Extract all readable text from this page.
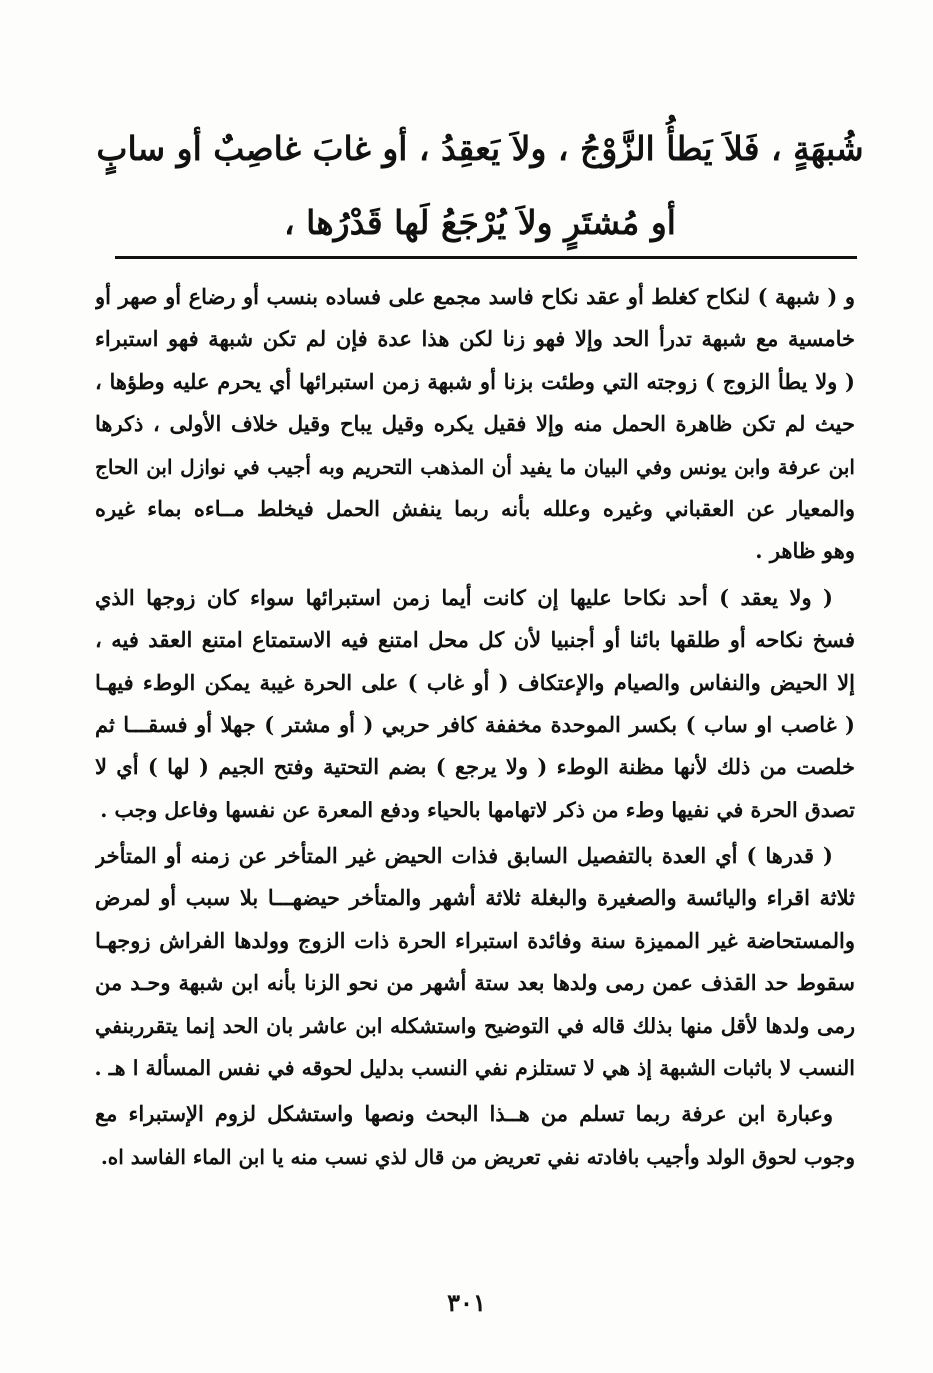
شُبهَةٍ ، فَلاَ يَطأُ الزَّوْجُ ، ولاَ يَعقِدُ ، أو غابَ غاصِبٌ أو سابٍ
أو مُشتَرٍ ولاَ يُرْجَعُ لَها قَدْرُها ،
و ( شبهة ) لنكاح كغلط أو عقد نكاح فاسد مجمع على فساده بنسب أو رضاع أو صهر أو
خامسية مع شبهة تدرأ الحد وإلا فهو زنا لكن هذا عدة فإن لم تكن شبهة فهو استبراء
( ولا يطأ الزوج ) زوجته التي وطئت بزنا أو شبهة زمن استبرائها أي يحرم عليه وطؤها ،
حيث لم تكن ظاهرة الحمل منه وإلا فقيل يكره وقيل يباح وقيل خلاف الأولى ، ذكرها
ابن عرفة وابن يونس وفي البيان ما يفيد أن المذهب التحريم وبه أجيب في نوازل ابن الحاج
والمعيار عن العقباني وغيره وعلله بأنه ربما ينفش الحمل فيخلط مــاءه بماء غيره
وهو ظاهر .
( ولا يعقد ) أحد نكاحا عليها إن كانت أيما زمن استبرائها سواء كان زوجها الذي
فسخ نكاحه أو طلقها بائنا أو أجنبيا لأن كل محل امتنع فيه الاستمتاع امتنع العقد فيه ،
إلا الحيض والنفاس والصيام والإعتكاف ( أو غاب ) على الحرة غيبة يمكن الوطء فيهـا
( غاصب او ساب ) بكسر الموحدة مخففة كافر حربي ( أو مشتر ) جهلا أو فسقـــا ثم
خلصت من ذلك لأنها مظنة الوطء ( ولا يرجع ) بضم التحتية وفتح الجيم ( لها ) أي لا
تصدق الحرة في نفيها وطء من ذكر لاتهامها بالحياء ودفع المعرة عن نفسها وفاعل وجب .
( قدرها ) أي العدة بالتفصيل السابق فذات الحيض غير المتأخر عن زمنه أو المتأخر
ثلاثة اقراء واليائسة والصغيرة والبغلة ثلاثة أشهر والمتأخر حيضهـــا بلا سبب أو لمرض
والمستحاضة غير المميزة سنة وفائدة استبراء الحرة ذات الزوج وولدها الفراش زوجهـا
سقوط حد القذف عمن رمى ولدها بعد ستة أشهر من نحو الزنا بأنه ابن شبهة وحـد من
رمى ولدها لأقل منها بذلك قاله في التوضيح واستشكله ابن عاشر بان الحد إنما يتقرربنفي
النسب لا باثبات الشبهة إذ هي لا تستلزم نفي النسب بدليل لحوقه في نفس المسألة ا هـ .
وعبارة ابن عرفة ربما تسلم من هــذا البحث ونصها واستشكل لزوم الإستبراء مع
وجوب لحوق الولد وأجيب بافادته نفي تعريض من قال لذي نسب منه يا ابن الماء الفاسد اه.
٣٠١
